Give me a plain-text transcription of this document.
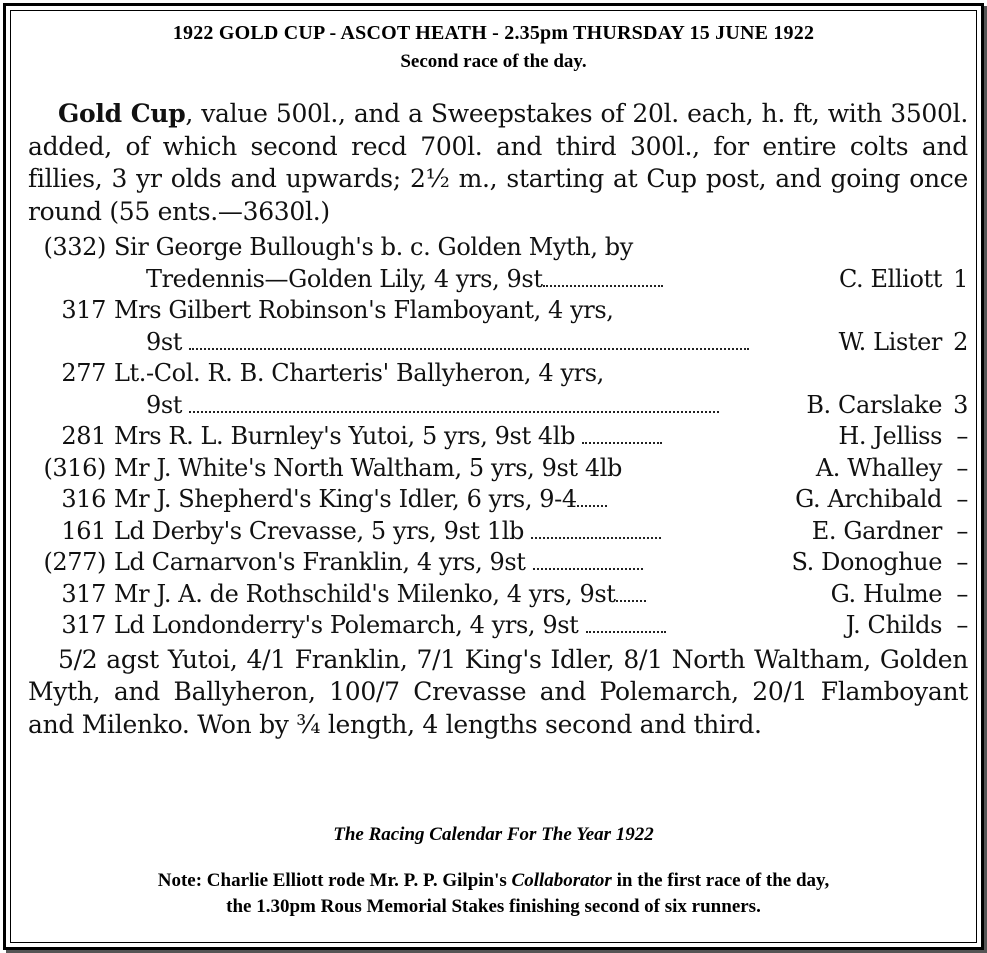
1922 GOLD CUP - ASCOT HEATH - 2.35pm THURSDAY 15 JUNE 1922
Second race of the day.

Gold Cup, value 500l., and a Sweepstakes of 20l. each, h. ft, with 3500l. added, of which second recd 700l. and third 300l., for entire colts and fillies, 3 yr olds and upwards; 2½ m., starting at Cup post, and going once round (55 ents.—3630l.)

(332) Sir George Bullough's b. c. Golden Myth, by
Tredennis—Golden Lily, 4 yrs, 9st	C. Elliott 1
317 Mrs Gilbert Robinson's Flamboyant, 4 yrs,
9st	W. Lister 2
277 Lt.-Col. R. B. Charteris' Ballyheron, 4 yrs,
9st	B. Carslake 3
281 Mrs R. L. Burnley's Yutoi, 5 yrs, 9st 4lb	H. Jelliss –
(316) Mr J. White's North Waltham, 5 yrs, 9st 4lb	A. Whalley –
316 Mr J. Shepherd's King's Idler, 6 yrs, 9-4	G. Archibald –
161 Ld Derby's Crevasse, 5 yrs, 9st 1lb	E. Gardner –
(277) Ld Carnarvon's Franklin, 4 yrs, 9st	S. Donoghue –
317 Mr J. A. de Rothschild's Milenko, 4 yrs, 9st	G. Hulme –
317 Ld Londonderry's Polemarch, 4 yrs, 9st	J. Childs –

5/2 agst Yutoi, 4/1 Franklin, 7/1 King's Idler, 8/1 North Waltham, Golden Myth, and Ballyheron, 100/7 Crevasse and Polemarch, 20/1 Flamboyant and Milenko. Won by ¾ length, 4 lengths second and third.

The Racing Calendar For The Year 1922
Note: Charlie Elliott rode Mr. P. P. Gilpin's Collaborator in the first race of the day,
the 1.30pm Rous Memorial Stakes finishing second of six runners.
